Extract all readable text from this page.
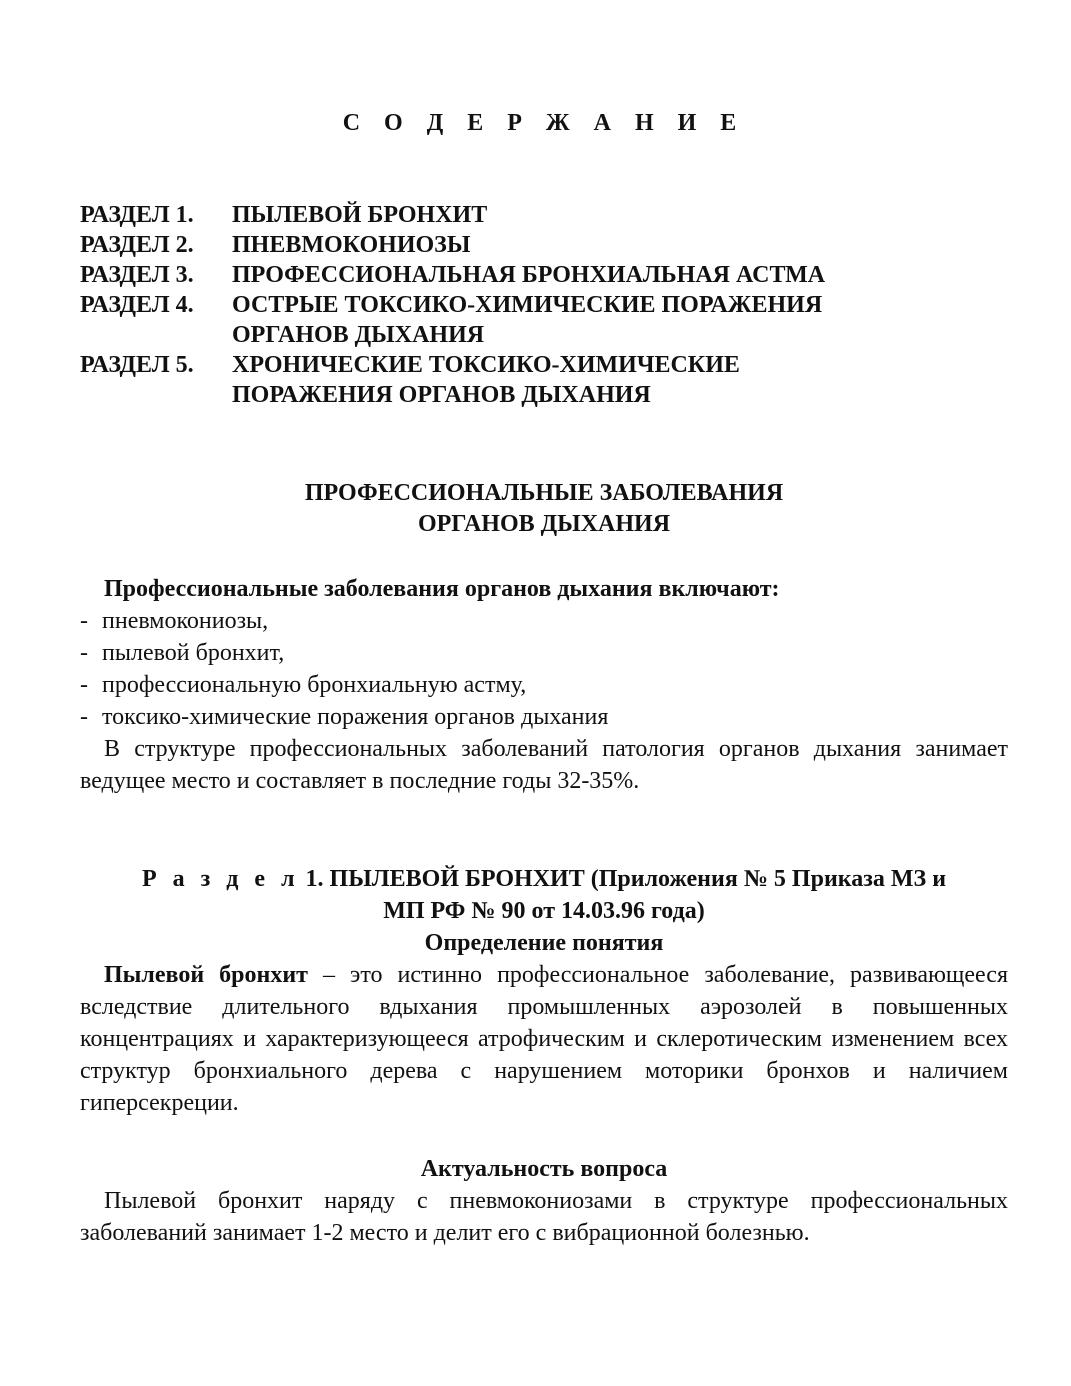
С О Д Е Р Ж А Н И Е
РАЗДЕЛ 1.	ПЫЛЕВОЙ БРОНХИТ
РАЗДЕЛ 2.	ПНЕВМОКОНИОЗЫ
РАЗДЕЛ 3.	ПРОФЕССИОНАЛЬНАЯ БРОНХИАЛЬНАЯ АСТМА
РАЗДЕЛ 4.	ОСТРЫЕ ТОКСИКО-ХИМИЧЕСКИЕ ПОРАЖЕНИЯ
ОРГАНОВ ДЫХАНИЯ
РАЗДЕЛ 5.	ХРОНИЧЕСКИЕ ТОКСИКО-ХИМИЧЕСКИЕ
ПОРАЖЕНИЯ ОРГАНОВ ДЫХАНИЯ
ПРОФЕССИОНАЛЬНЫЕ ЗАБОЛЕВАНИЯ
ОРГАНОВ ДЫХАНИЯ
Профессиональные заболевания органов дыхания включают:
- пневмокониозы,
- пылевой бронхит,
- профессиональную бронхиальную астму,
- токсико-химические поражения органов дыхания

В структуре профессиональных заболеваний патология органов дыхания занимает ведущее место и составляет в последние годы 32-35%.

Р а з д е л 1. ПЫЛЕВОЙ БРОНХИТ (Приложения № 5 Приказа МЗ и
МП РФ № 90 от 14.03.96 года)
Определение понятия

Пылевой бронхит – это истинно профессиональное заболевание, развивающееся вследствие длительного вдыхания промышленных аэрозолей в повышенных концентрациях и характеризующееся атрофическим и склеротическим изменением всех структур бронхиального дерева с нарушением моторики бронхов и наличием гиперсекреции.

Актуальность вопроса

Пылевой бронхит наряду с пневмокониозами в структуре профессиональных заболеваний занимает 1-2 место и делит его с вибрационной болезнью.
